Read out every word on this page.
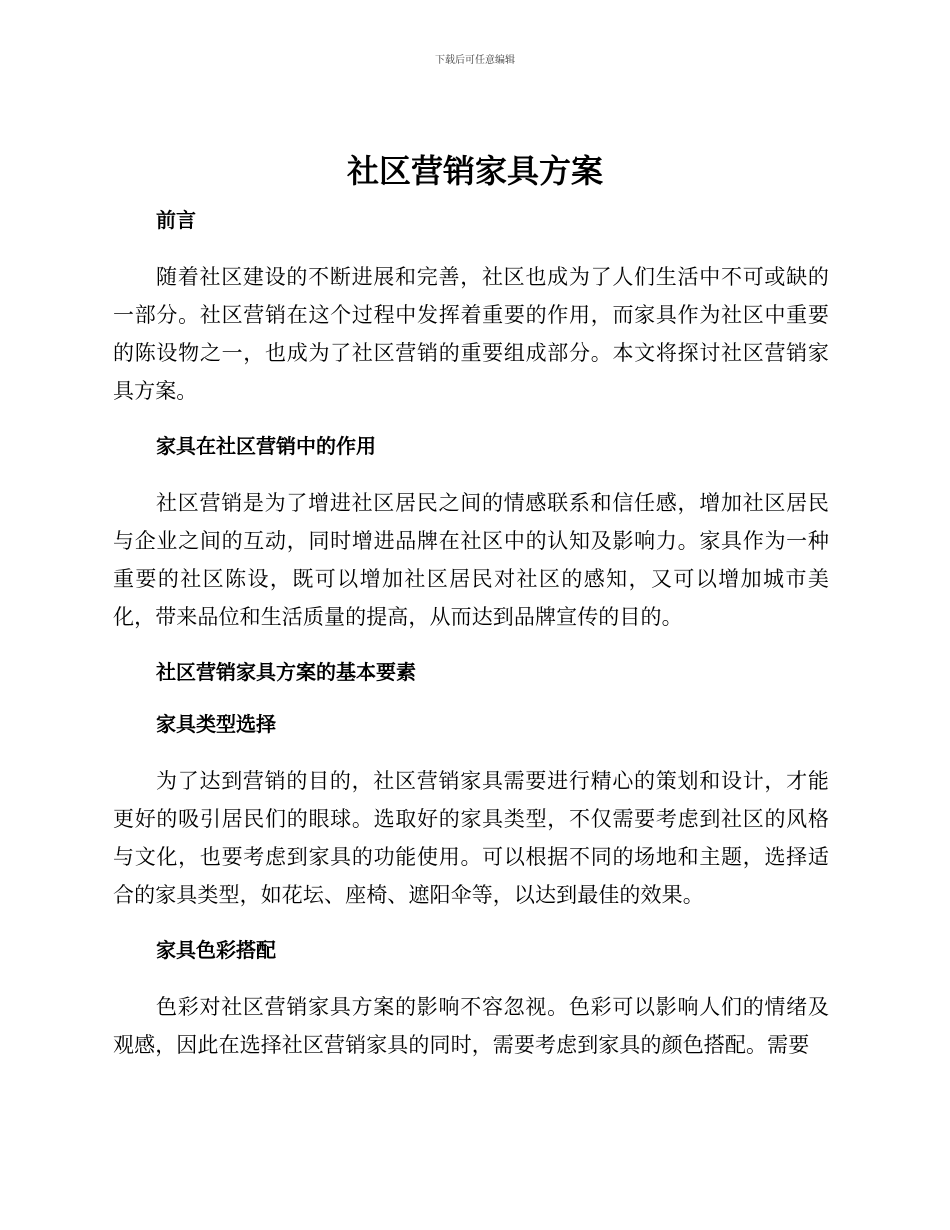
下载后可任意编辑
社区营销家具方案
前言

随着社区建设的不断进展和完善，社区也成为了人们生活中不可或缺的一部分。社区营销在这个过程中发挥着重要的作用，而家具作为社区中重要的陈设物之一，也成为了社区营销的重要组成部分。本文将探讨社区营销家具方案。

家具在社区营销中的作用

社区营销是为了增进社区居民之间的情感联系和信任感，增加社区居民与企业之间的互动，同时增进品牌在社区中的认知及影响力。家具作为一种重要的社区陈设，既可以增加社区居民对社区的感知，又可以增加城市美化，带来品位和生活质量的提高，从而达到品牌宣传的目的。

社区营销家具方案的基本要素
家具类型选择

为了达到营销的目的，社区营销家具需要进行精心的策划和设计，才能更好的吸引居民们的眼球。选取好的家具类型，不仅需要考虑到社区的风格与文化，也要考虑到家具的功能使用。可以根据不同的场地和主题，选择适合的家具类型，如花坛、座椅、遮阳伞等，以达到最佳的效果。

家具色彩搭配

色彩对社区营销家具方案的影响不容忽视。色彩可以影响人们的情绪及观感，因此在选择社区营销家具的同时，需要考虑到家具的颜色搭配。需要
